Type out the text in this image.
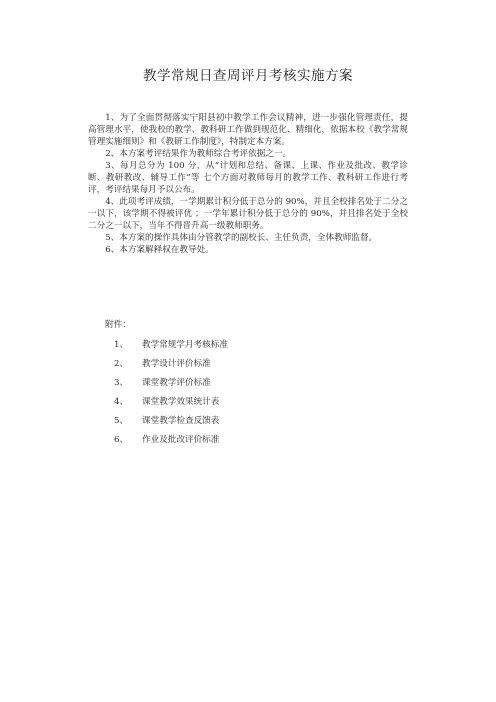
教学常规日查周评月考核实施方案

1、为了全面贯彻落实宁阳县初中教学工作会议精神，进一步强化管理责任，提高管理水平，使我校的教学、教科研工作做到规范化、精细化，依据本校《教学常规管理实施细则》和《教研工作制度》，特制定本方案。

2、本方案考评结果作为教师综合考评依据之一。

3、每月总分为 100 分，从“计划和总结、备课、上课、作业及批改、教学诊断、教研教改、辅导工作”等 七个方面对教师每月的教学工作、教科研工作进行考评，考评结果每月予以公布。

4、此项考评成绩，一学期累计积分低于总分的 90%，并且全校排名处于二分之一以下，该学期不得被评优 ；一学年累计积分低于总分的 90%，并且排名处于全校二分之一以下，当年不得晋升高一级教师职务。

5、本方案的操作具体由分管教学的副校长、主任负责，全体教师监督。

6、本方案解释权在教导处。

附件：

1、 教学常规学月考核标准
2、 教学设计评价标准
3、 课堂教学评价标准
4、 课堂教学效果统计表
5、 课堂教学检查反馈表
6、 作业及批改评价标准
